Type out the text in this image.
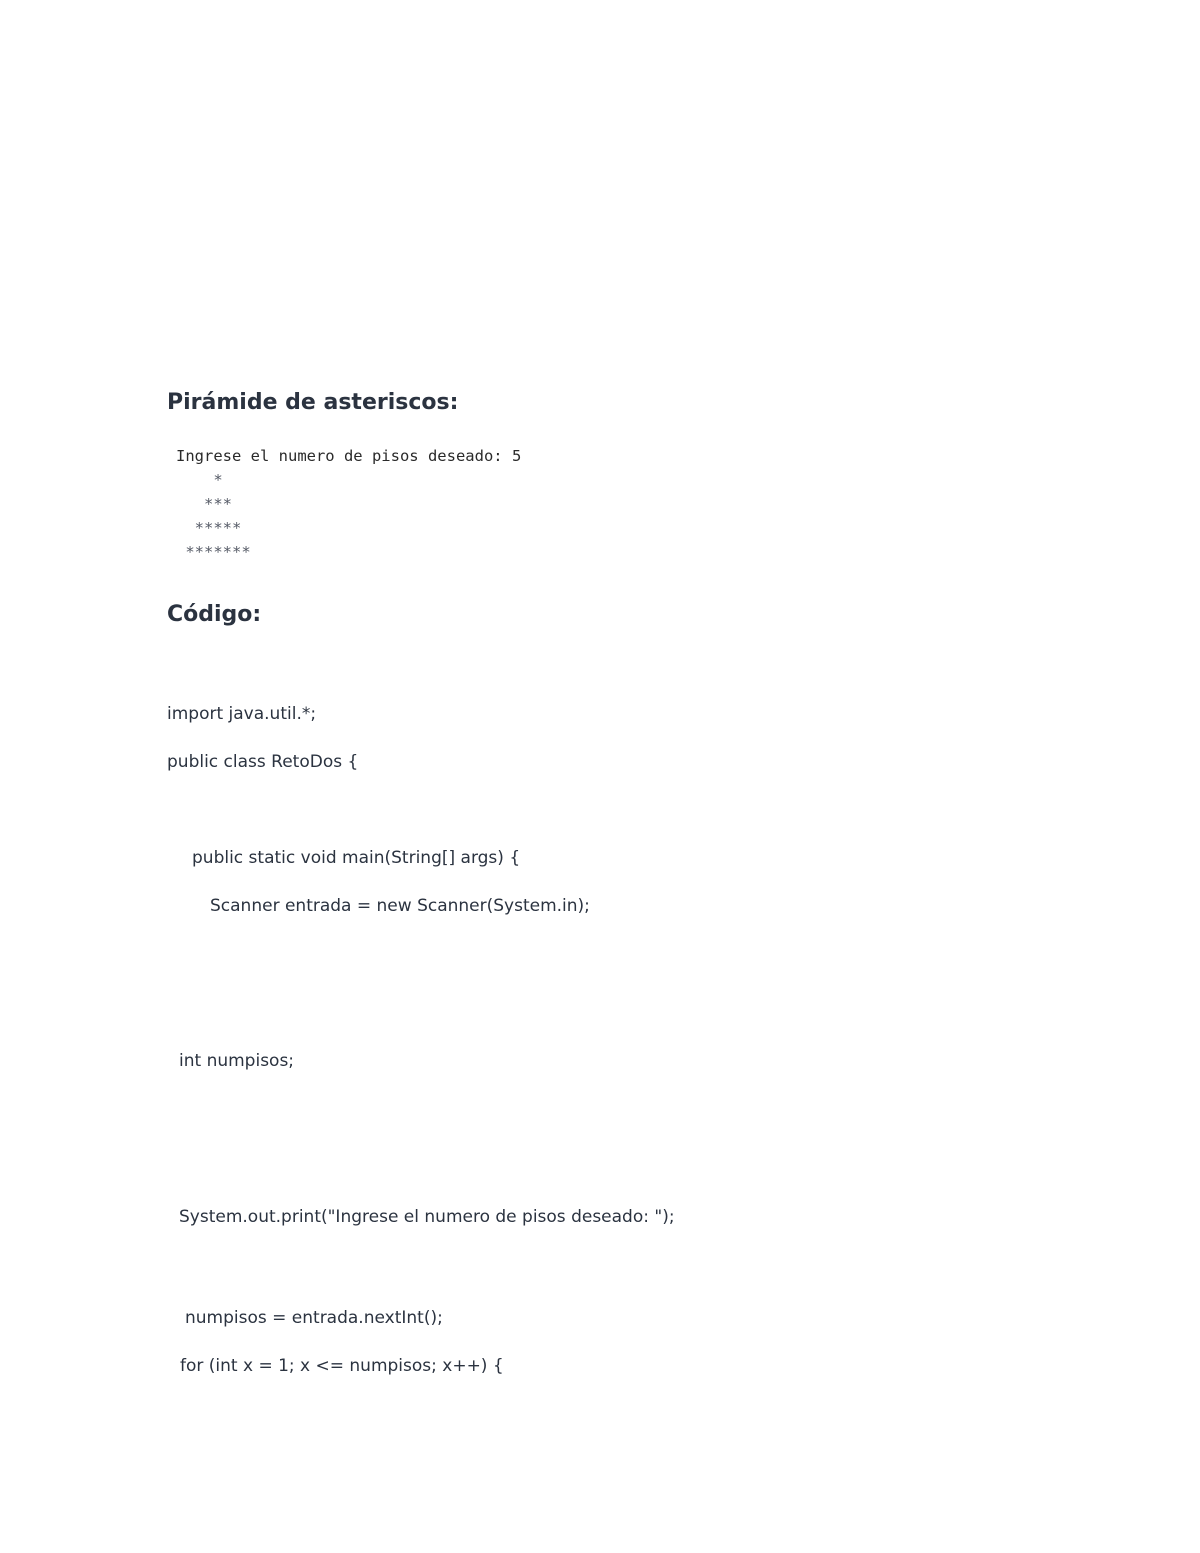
Pirámide de asteriscos:
Ingrese el numero de pisos deseado: 5
*
***
*****
*******
Código:

import java.util.*;

public class RetoDos {

public static void main(String[] args) {

Scanner entrada = new Scanner(System.in);

int numpisos;

System.out.print("Ingrese el numero de pisos deseado: ");

numpisos = entrada.nextInt();

for (int x = 1; x <= numpisos; x++) {
